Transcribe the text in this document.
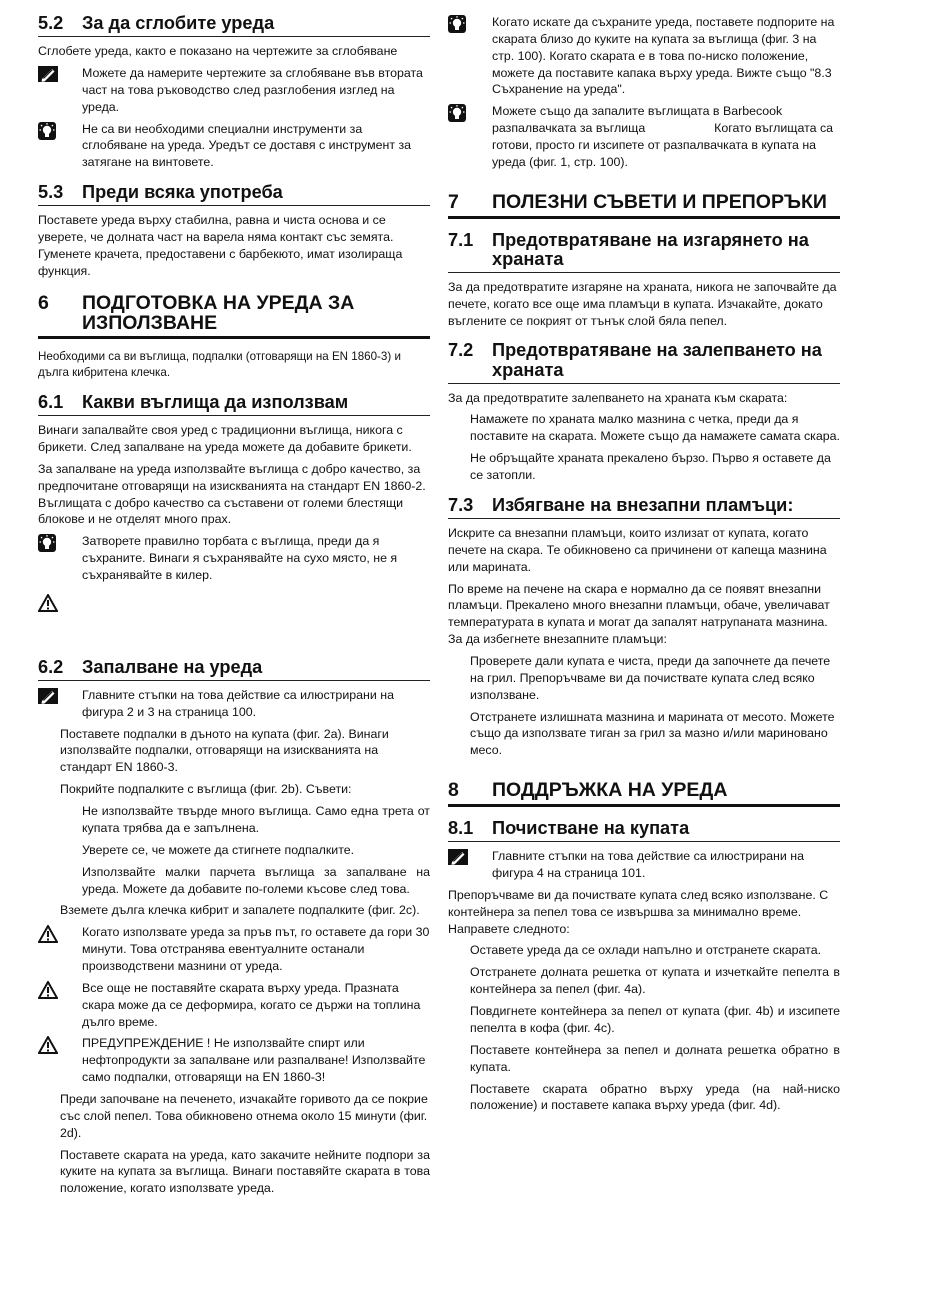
5.2	За да сглобите уреда

Сглобете уреда, както е показано на чертежите за сглобяване

Можете да намерите чертежите за сглобяване във втората част на това ръководство след разглобения изглед на уреда.
Не са ви необходими специални инструменти за сглобяване на уреда. Уредът се доставя с инструмент за затягане на винтовете.
5.3	Преди всяка употреба

Поставете уреда върху стабилна, равна и чиста основа и се уверете, че долната част на варела няма контакт със земята. Гуменете крачета, предоставени с барбекюто, имат изолираща функция.

6	ПОДГОТОВКА НА УРЕДА ЗА ИЗПОЛЗВАНЕ

Необходими са ви въглища, подпалки (отговарящи на EN 1860-3) и дълга кибритена клечка.

6.1	Какви въглища да използвам

Винаги запалвайте своя уред с традиционни въглища, никога с брикети. След запалване на уреда можете да добавите брикети.

За запалване на уреда използвайте въглища с добро качество, за предпочитане отговарящи на изискванията на стандарт EN 1860-2. Въглищата с добро качество са съставени от големи блестящи блокове и не отделят много прах.

Затворете правилно торбата с въглища, преди да я съхраните. Винаги я съхранявайте на сухо място, не я съхранявайте в килер.
6.2	Запалване на уреда
Главните стъпки на това действие са илюстрирани на фигура 2 и 3 на страница 100.

Поставете подпалки в дъното на купата (фиг. 2а). Винаги използвайте подпалки, отговарящи на изискванията на стандарт EN 1860-3.

Покрийте подпалките с въглища (фиг. 2b). Съвети:

Не използвайте твърде много въглища. Само една трета от купата трябва да е запълнена.

Уверете се, че можете да стигнете подпалките.

Използвайте малки парчета въглища за запалване на уреда. Можете да добавите по-големи късове след това.

Вземете дълга клечка кибрит и запалете подпалките (фиг. 2с).

Когато използвате уреда за пръв път, го оставете да гори 30 минути. Това отстранява евентуалните останали производствени мазнини от уреда.
Все още не поставяйте скарата върху уреда. Празната скара може да се деформира, когато се държи на топлина дълго време.
ПРЕДУПРЕЖДЕНИЕ ! Не използвайте спирт или нефтопродукти за запалване или разпалване! Използвайте само подпалки, отговарящи на EN 1860-3!

Преди започване на печенето, изчакайте горивото да се покрие със слой пепел. Това обикновено отнема около 15 минути (фиг. 2d).

Поставете скарата на уреда, като закачите нейните подпори за куките на купата за въглища. Винаги поставяйте скарата в това положение, когато използвате уреда.

Когато искате да съхраните уреда, поставете подпорите на скарата близо до куките на купата за въглища (фиг. 3 на стр. 100). Когато скарата е в това по-ниско положение, можете да поставите капака върху уреда. Вижте също "8.3 Съхранение на уреда".
Можете също да запалите въглищата в Barbecook разпалвачката за въглища                    Когато въглищата са готови, просто ги изсипете от разпалвачката в купата на уреда (фиг. 1, стр. 100).
7	ПОЛЕЗНИ СЪВЕТИ И ПРЕПОРЪКИ
7.1	Предотвратяване на изгарянето на храната

За да предотвратите изгаряне на храната, никога не започвайте да печете, когато все още има пламъци в купата. Изчакайте, докато въглените се покрият от тънък слой бяла пепел.

7.2	Предотвратяване на залепването на храната

За да предотвратите залепването на храната към скарата:

Намажете по храната малко мазнина с четка, преди да я поставите на скарата. Можете също да намажете самата скара.

Не обръщайте храната прекалено бързо. Първо я оставете да се затопли.

7.3	Избягване на внезапни пламъци:

Искрите са внезапни пламъци, които излизат от купата, когато печете на скара. Те обикновено са причинени от капеща мазнина или марината.

По време на печене на скара е нормално да се появят внезапни пламъци. Прекалено много внезапни пламъци, обаче, увеличават температурата в купата и могат да запалят натрупаната мазнина. За да избегнете внезапните пламъци:

Проверете дали купата е чиста, преди да започнете да печете на грил. Препоръчваме ви да почиствате купата след всяко използване.

Отстранете излишната мазнина и марината от месото. Можете също да използвате тиган за грил за мазно и/или мариновано месо.

8	ПОДДРЪЖКА НА УРЕДА
8.1	Почистване на купата
Главните стъпки на това действие са илюстрирани на фигура 4 на страница 101.

Препоръчваме ви да почиствате купата след всяко използване. С контейнера за пепел това се извършва за минимално време. Направете следното:

Оставете уреда да се охлади напълно и отстранете скарата.

Отстранете долната решетка от купата и изчеткайте пепелта в контейнера за пепел (фиг. 4а).

Повдигнете контейнера за пепел от купата (фиг. 4b) и изсипете пепелта в кофа (фиг. 4с).

Поставете контейнера за пепел и долната решетка обратно в купата.

Поставете скарата обратно върху уреда (на най-ниско положение) и поставете капака върху уреда (фиг. 4d).
